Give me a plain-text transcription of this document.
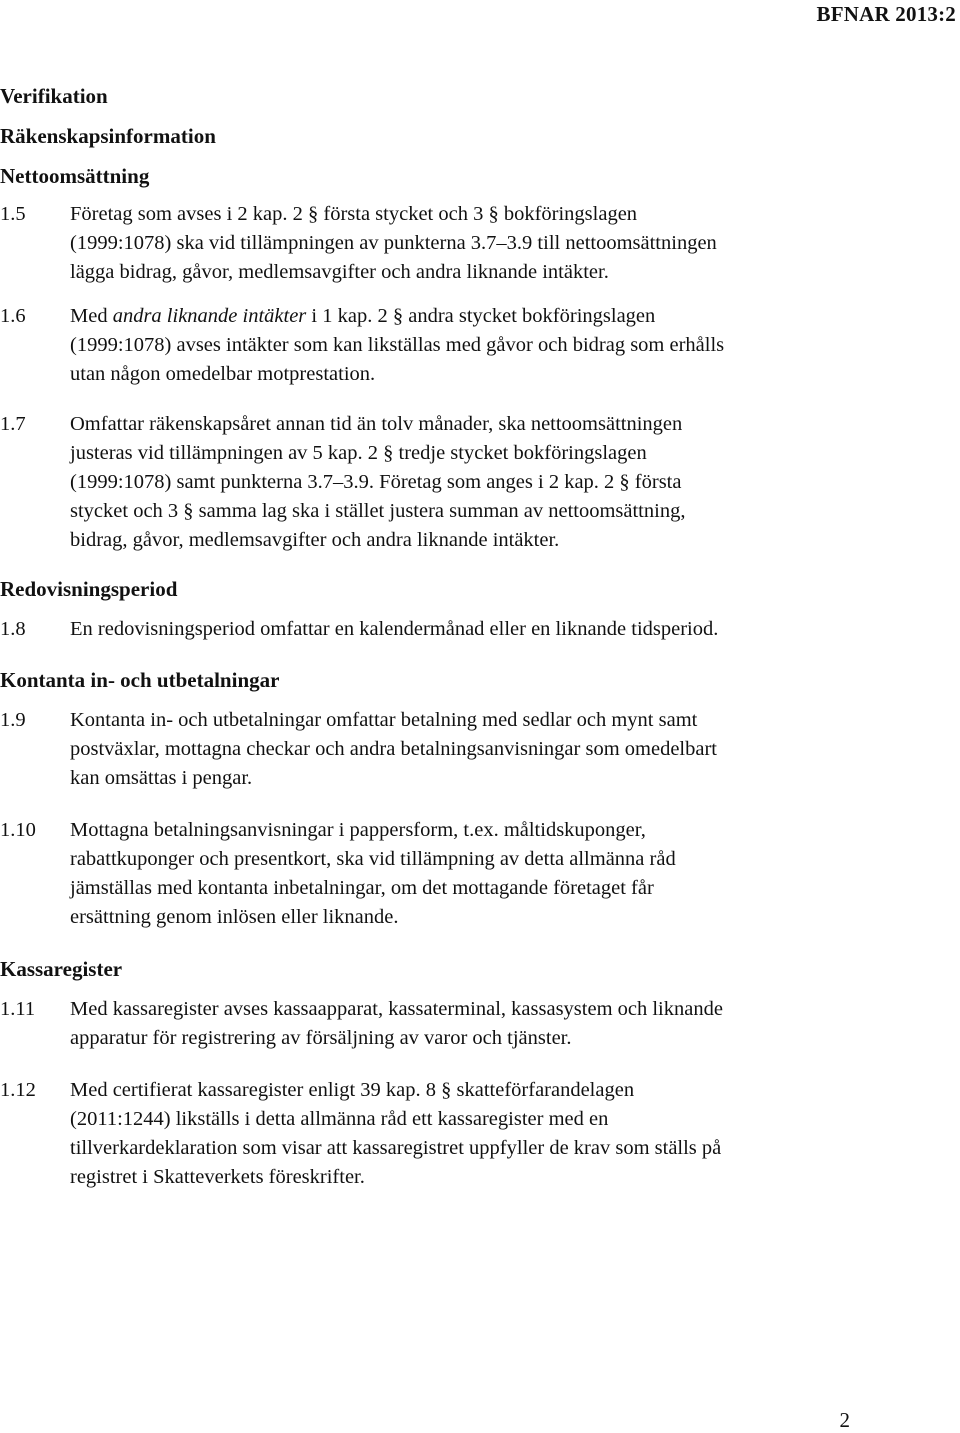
BFNAR 2013:2

Verifikation

Räkenskapsinformation

Nettoomsättning

1.5	Företag som avses i 2 kap. 2 § första stycket och 3 § bokföringslagen (1999:1078) ska vid tillämpningen av punkterna 3.7–3.9 till nettoomsättningen lägga bidrag, gåvor, medlemsavgifter och andra liknande intäkter.
1.6	Med andra liknande intäkter i 1 kap. 2 § andra stycket bokföringslagen (1999:1078) avses intäkter som kan likställas med gåvor och bidrag som erhålls utan någon omedelbar motprestation.
1.7	Omfattar räkenskapsåret annan tid än tolv månader, ska nettoomsättningen justeras vid tillämpningen av 5 kap. 2 § tredje stycket bokföringslagen (1999:1078) samt punkterna 3.7–3.9. Företag som anges i 2 kap. 2 § första stycket och 3 § samma lag ska i stället justera summan av nettoomsättning, bidrag, gåvor, medlemsavgifter och andra liknande intäkter.

Redovisningsperiod

1.8	En redovisningsperiod omfattar en kalendermånad eller en liknande tidsperiod.

Kontanta in- och utbetalningar

1.9	Kontanta in- och utbetalningar omfattar betalning med sedlar och mynt samt postväxlar, mottagna checkar och andra betalningsanvisningar som omedelbart kan omsättas i pengar.
1.10	Mottagna betalningsanvisningar i pappersform, t.ex. måltidskuponger, rabattkuponger och presentkort, ska vid tillämpning av detta allmänna råd jämställas med kontanta inbetalningar, om det mottagande företaget får ersättning genom inlösen eller liknande.

Kassaregister

1.11	Med kassaregister avses kassaapparat, kassaterminal, kassasystem och liknande apparatur för registrering av försäljning av varor och tjänster.
1.12	Med certifierat kassaregister enligt 39 kap. 8 § skatteförfarandelagen (2011:1244) likställs i detta allmänna råd ett kassaregister med en tillverkardeklaration som visar att kassaregistret uppfyller de krav som ställs på registret i Skatteverkets föreskrifter.
2
